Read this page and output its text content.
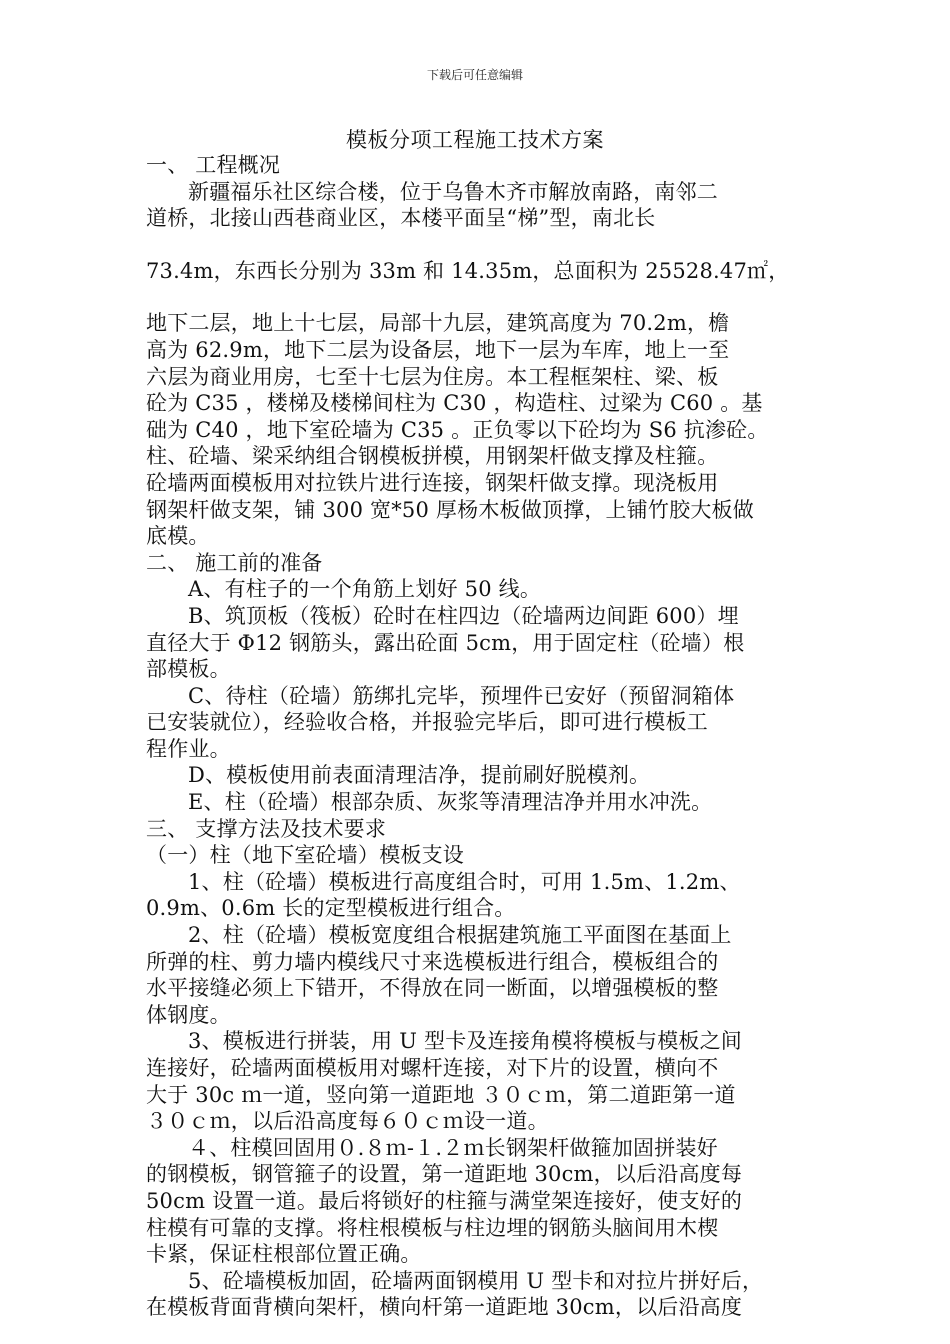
下载后可任意编辑
模板分项工程施工技术方案
一、 工程概况
新疆福乐社区综合楼，位于乌鲁木齐市解放南路，南邻二
道桥，北接山西巷商业区，本楼平面呈“梯”型，南北长
73.4m，东西长分别为 33m 和 14.35m，总面积为 25528.47㎡，
地下二层，地上十七层，局部十九层，建筑高度为 70.2m，檐
高为 62.9m，地下二层为设备层，地下一层为车库，地上一至
六层为商业用房，七至十七层为住房。本工程框架柱、梁、板
砼为 C35 ，楼梯及楼梯间柱为 C30 ，构造柱、过梁为 C60 。基
础为 C40 ，地下室砼墙为 C35 。正负零以下砼均为 S6 抗渗砼。
柱、砼墙、梁采纳组合钢模板拼模，用钢架杆做支撑及柱箍。
砼墙两面模板用对拉铁片进行连接，钢架杆做支撑。现浇板用
钢架杆做支架，铺 300 宽*50 厚杨木板做顶撑，上铺竹胶大板做
底模。
二、 施工前的准备
A、有柱子的一个角筋上划好 50 线。
B、筑顶板（筏板）砼时在柱四边（砼墙两边间距 600）埋
直径大于 Φ12 钢筋头，露出砼面 5cm，用于固定柱（砼墙）根
部模板。
C、待柱（砼墙）筋绑扎完毕，预埋件已安好（预留洞箱体
已安装就位），经验收合格，并报验完毕后，即可进行模板工
程作业。
D、模板使用前表面清理洁净，提前刷好脱模剂。
E、柱（砼墙）根部杂质、灰浆等清理洁净并用水冲洗。
三、 支撑方法及技术要求
（一）柱（地下室砼墙）模板支设
1、柱（砼墙）模板进行高度组合时，可用 1.5m、1.2m、
0.9m、0.6m 长的定型模板进行组合。
2、柱（砼墙）模板宽度组合根据建筑施工平面图在基面上
所弹的柱、剪力墙内模线尺寸来选模板进行组合，模板组合的
水平接缝必须上下错开，不得放在同一断面，以增强模板的整
体钢度。
3、模板进行拼装，用 U 型卡及连接角模将模板与模板之间
连接好，砼墙两面模板用对螺杆连接，对下片的设置，横向不
大于 30c ｍ一道，竖向第一道距地 ３０ｃｍ，第二道距第一道
３０ｃｍ，以后沿高度每６０ｃｍ设一道。
４、柱模回固用０.８ｍ-１.２ｍ长钢架杆做箍加固拼装好
的钢模板，钢管箍子的设置，第一道距地 30cm，以后沿高度每
50cm 设置一道。最后将锁好的柱箍与满堂架连接好，使支好的
柱模有可靠的支撑。将柱根模板与柱边埋的钢筋头脑间用木楔
卡紧，保证柱根部位置正确。
5、砼墙模板加固，砼墙两面钢模用 U 型卡和对拉片拼好后，
在模板背面背横向架杆，横向杆第一道距地 30cm，以后沿高度
